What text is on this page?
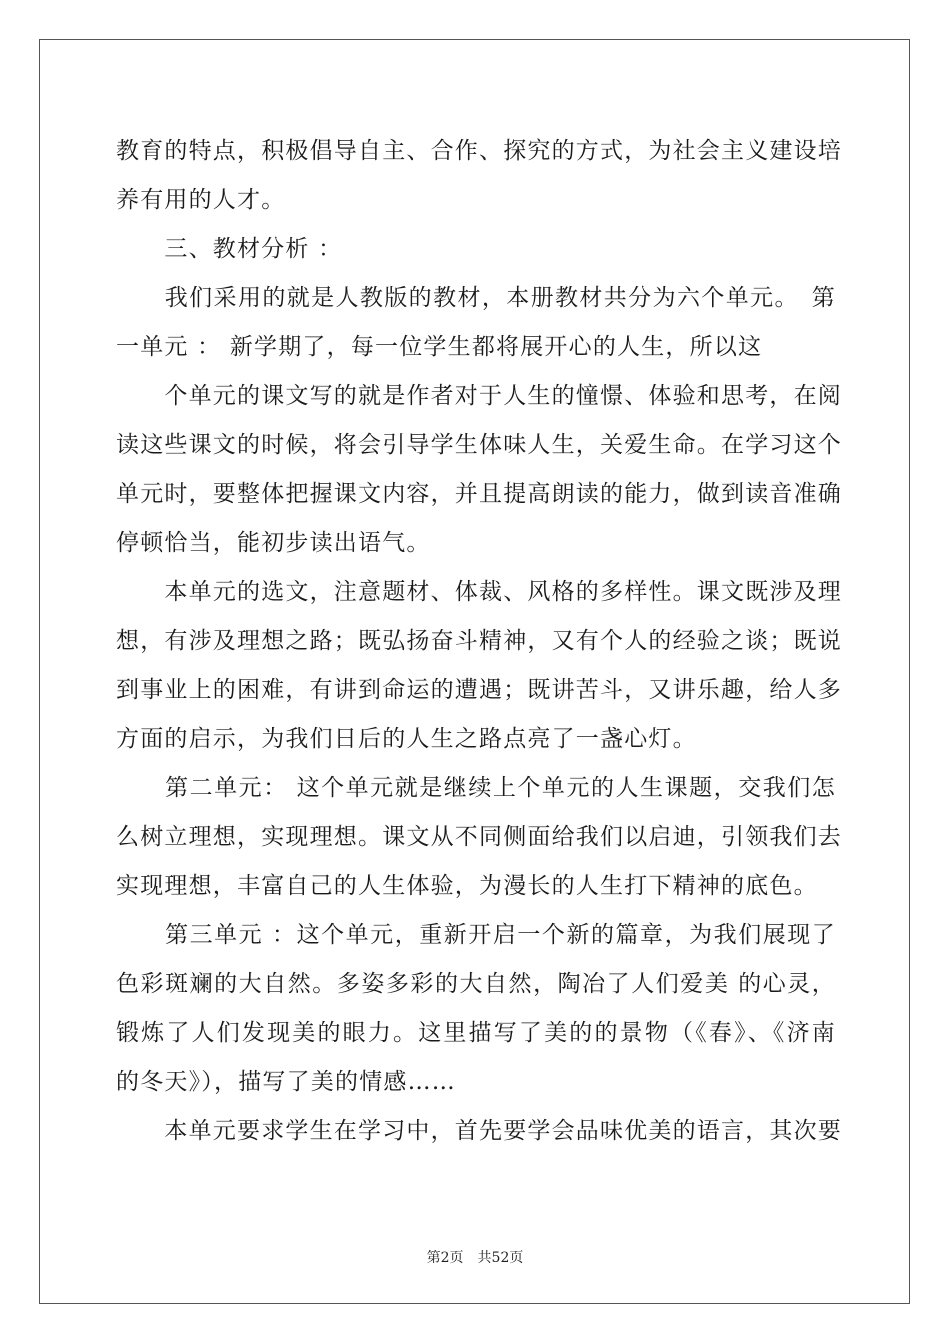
教育的特点，积极倡导自主、合作、探究的方式，为社会主义建设培
养有用的人才。
　　三、教材分析 ：
　　我们采用的就是人教版的教材，本册教材共分为六个单元。　第
一单元 ： 新学期了，每一位学生都将展开心的人生，所以这
　　个单元的课文写的就是作者对于人生的憧憬、体验和思考，在阅
读这些课文的时候，将会引导学生体味人生，关爱生命。在学习这个
单元时，要整体把握课文内容，并且提高朗读的能力，做到读音准确
停顿恰当，能初步读出语气。
　　本单元的选文，注意题材、体裁、风格的多样性。课文既涉及理
想，有涉及理想之路；既弘扬奋斗精神，又有个人的经验之谈；既说
到事业上的困难，有讲到命运的遭遇；既讲苦斗，又讲乐趣，给人多
方面的启示，为我们日后的人生之路点亮了一盏心灯。
　　第二单元： 这个单元就是继续上个单元的人生课题，交我们怎
么树立理想，实现理想。课文从不同侧面给我们以启迪，引领我们去
实现理想，丰富自己的人生体验，为漫长的人生打下精神的底色。
　　第三单元 ：这个单元，重新开启一个新的篇章，为我们展现了
色彩斑斓的大自然。多姿多彩的大自然，陶冶了人们爱美 的心灵，
锻炼了人们发现美的眼力。这里描写了美的的景物（《春》、《济南
的冬天》），描写了美的情感……
　　本单元要求学生在学习中，首先要学会品味优美的语言，其次要
第2页　共52页
